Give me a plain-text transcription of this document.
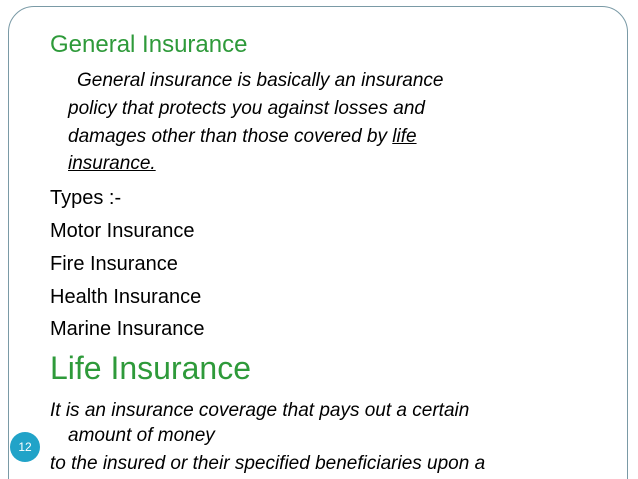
General Insurance

General insurance is basically an insurance

policy that protects you against losses and

damages other than those covered by life

insurance.

Types :-

Motor Insurance

Fire Insurance

Health Insurance

Marine Insurance

Life Insurance

It is an insurance coverage that pays out a certain

amount of money

to the insured or their specified beneficiaries upon a

12
